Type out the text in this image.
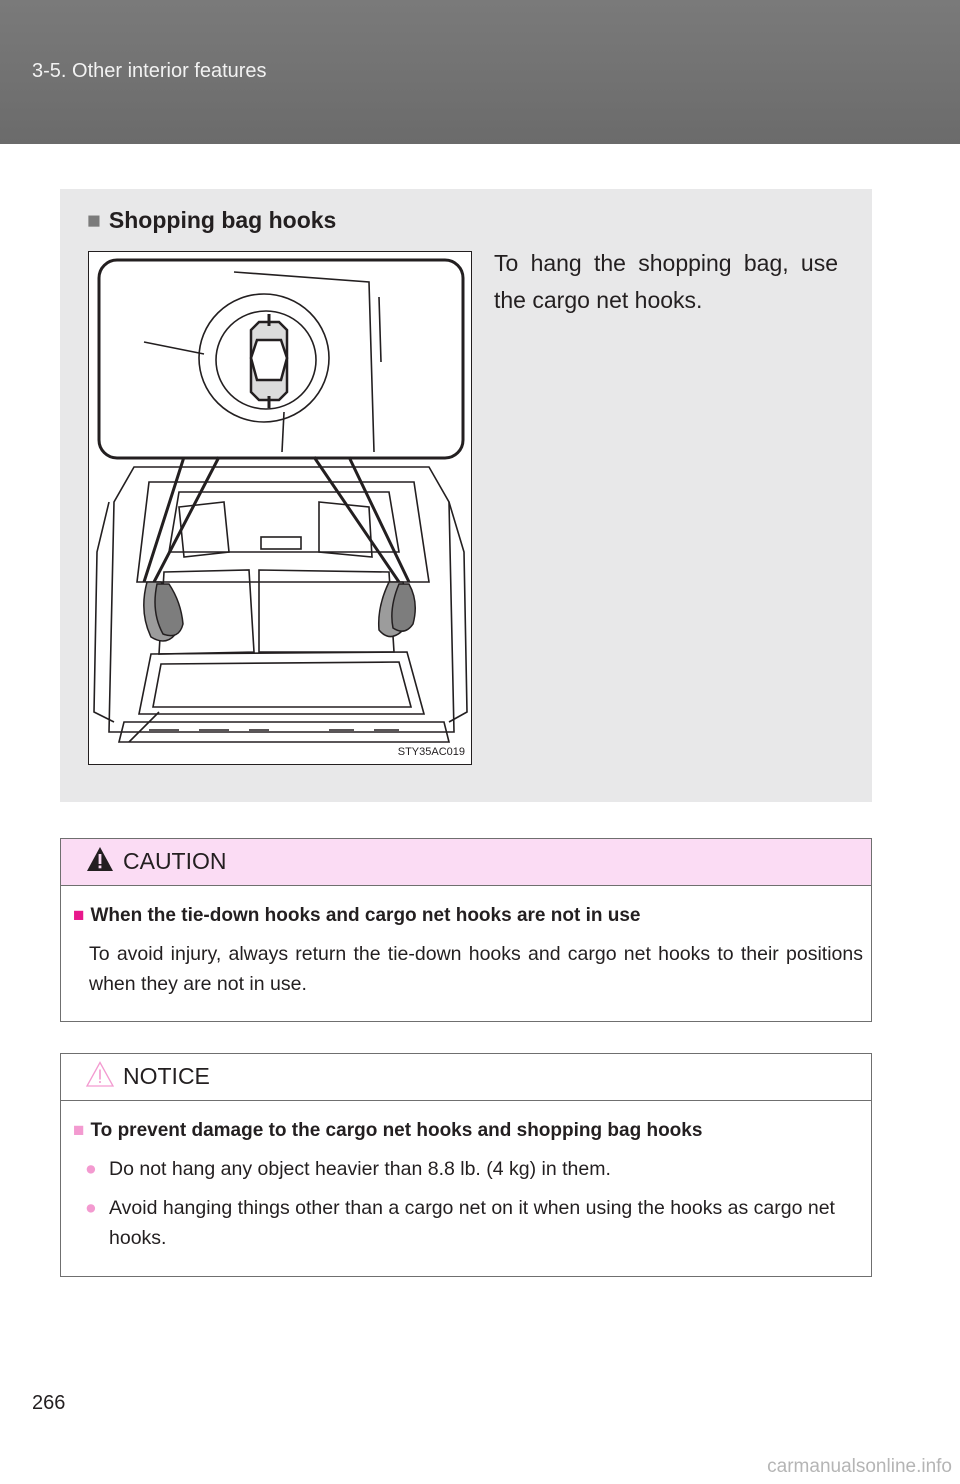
3-5. Other interior features
■ Shopping bag hooks
To hang the shopping bag, use the cargo net hooks.
STY35AC019
CAUTION
■ When the tie-down hooks and cargo net hooks are not in use
To avoid injury, always return the tie-down hooks and cargo net hooks to their positions when they are not in use.
NOTICE
■ To prevent damage to the cargo net hooks and shopping bag hooks
● Do not hang any object heavier than 8.8 lb. (4 kg) in them.
● Avoid hanging things other than a cargo net on it when using the hooks as cargo net hooks.
266
carmanualsonline.info
